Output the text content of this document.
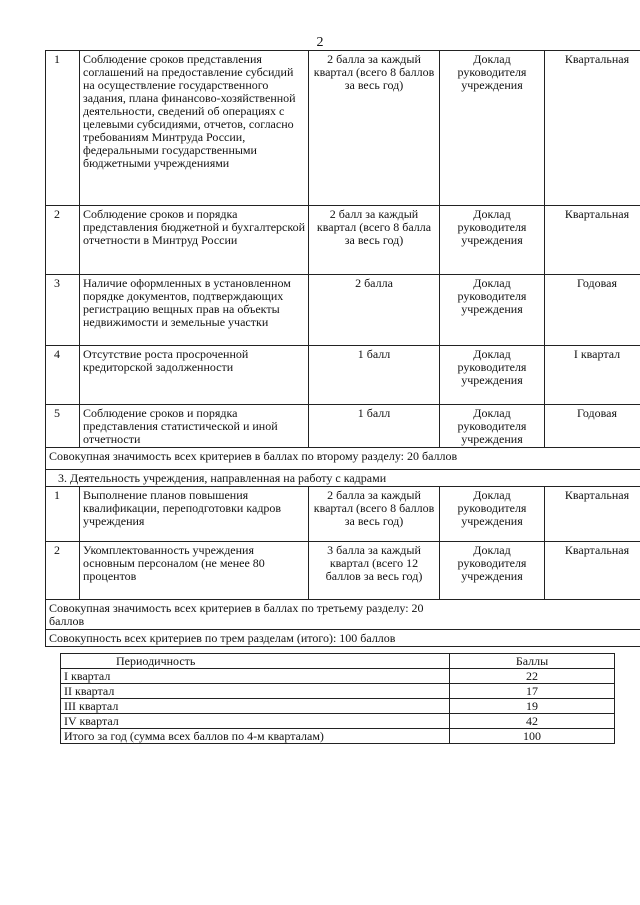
2
1	Соблюдение сроков представления соглашений на предоставление субсидий на осуществление государственного задания, плана финансово-хозяйственной деятельности, сведений об операциях с целевыми субсидиями, отчетов, согласно требованиям Минтруда России, федеральными государственными бюджетными учреждениями	2 балла за каждый квартал (всего 8 баллов за весь год)	Доклад руководителя учреждения	Квартальная
2	Соблюдение сроков и порядка представления бюджетной и бухгалтерской отчетности в Минтруд России	2 балл за каждый квартал (всего 8 балла за весь год)	Доклад руководителя учреждения	Квартальная
3	Наличие оформленных в установленном порядке документов, подтверждающих регистрацию вещных прав на объекты недвижимости и земельные участки	2 балла	Доклад руководителя учреждения	Годовая
4	Отсутствие роста просроченной кредиторской задолженности	1 балл	Доклад руководителя учреждения	I квартал
5	Соблюдение сроков и порядка представления статистической и иной отчетности	1 балл	Доклад руководителя учреждения	Годовая
Совокупная значимость всех критериев в баллах по второму разделу: 20 баллов				
3. Деятельность учреждения, направленная на работу с кадрами				
1	Выполнение планов повышения квалификации, переподготовки кадров учреждения	2 балла за каждый квартал (всего 8 баллов за весь год)	Доклад руководителя учреждения	Квартальная
2	Укомплектованность учреждения основным персоналом (не менее 80 процентов	3 балла за каждый квартал (всего 12 баллов за весь год)	Доклад руководителя учреждения	Квартальная
Совокупная значимость всех критериев в баллах по третьему разделу: 20 баллов				
Совокупность всех критериев по трем разделам (итого): 100 баллов				
Периодичность	Баллы
I квартал	22
II квартал	17
III квартал	19
IV квартал	42
Итого за год (сумма всех баллов по 4-м кварталам)	100
